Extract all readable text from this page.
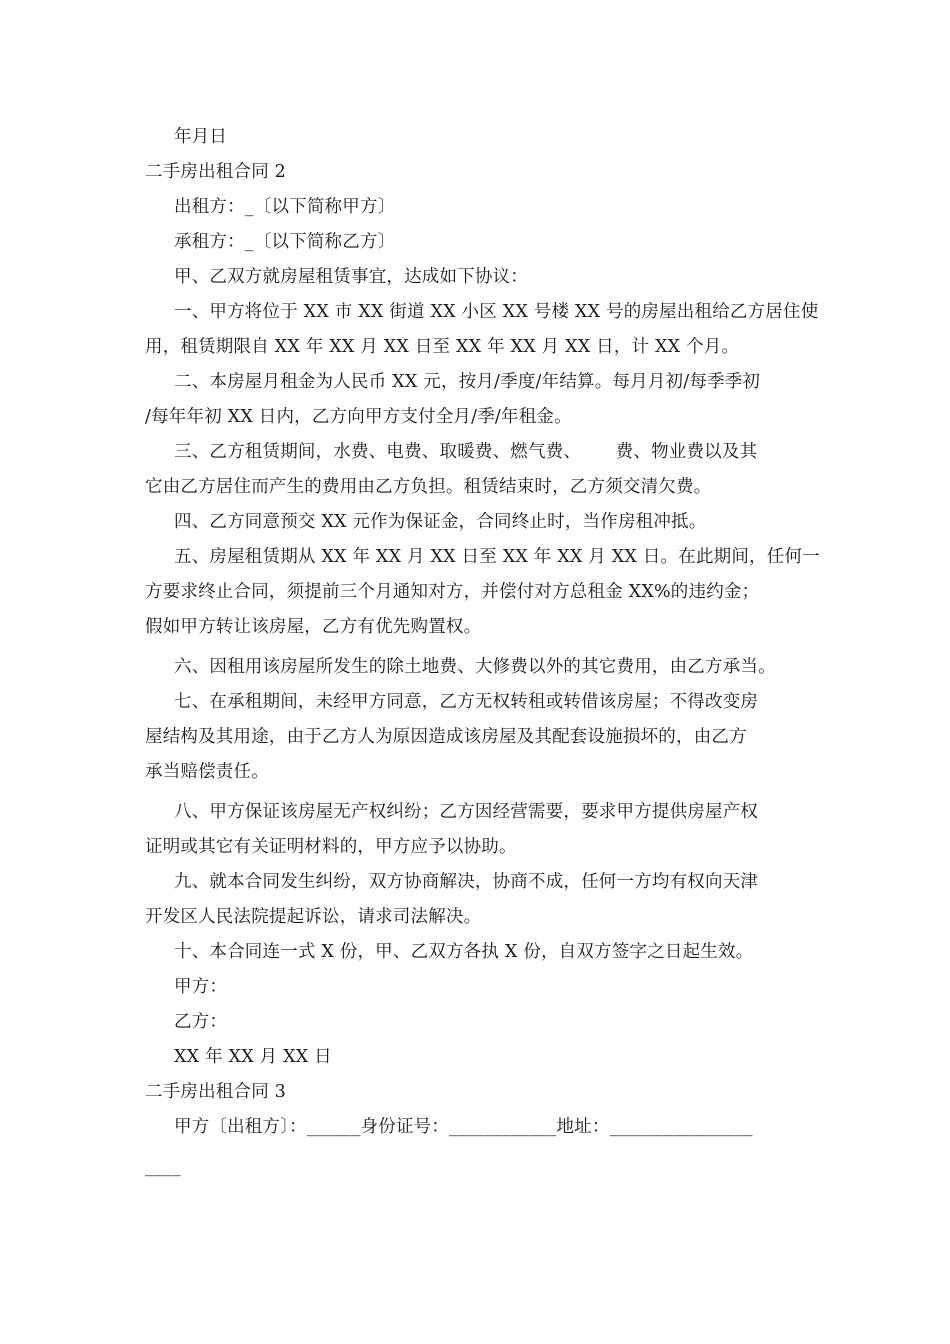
年月日
二手房出租合同 2
出租方：_〔以下简称甲方〕
承租方：_〔以下简称乙方〕
甲、乙双方就房屋租赁事宜，达成如下协议：
一、甲方将位于 XX 市 XX 街道 XX 小区 XX 号楼 XX 号的房屋出租给乙方居住使
用，租赁期限自 XX 年 XX 月 XX 日至 XX 年 XX 月 XX 日，计 XX 个月。
二、本房屋月租金为人民币 XX 元，按月/季度/年结算。每月月初/每季季初
/每年年初 XX 日内，乙方向甲方支付全月/季/年租金。
三、乙方租赁期间，水费、电费、取暖费、燃气费、      费、物业费以及其
它由乙方居住而产生的费用由乙方负担。租赁结束时，乙方须交清欠费。
四、乙方同意预交 XX 元作为保证金，合同终止时，当作房租冲抵。
五、房屋租赁期从 XX 年 XX 月 XX 日至 XX 年 XX 月 XX 日。在此期间，任何一
方要求终止合同，须提前三个月通知对方，并偿付对方总租金 XX%的违约金；
假如甲方转让该房屋，乙方有优先购置权。
六、因租用该房屋所发生的除土地费、大修费以外的其它费用，由乙方承当。
七、在承租期间，未经甲方同意，乙方无权转租或转借该房屋；不得改变房
屋结构及其用途，由于乙方人为原因造成该房屋及其配套设施损坏的，由乙方
承当赔偿责任。
八、甲方保证该房屋无产权纠纷；乙方因经营需要，要求甲方提供房屋产权
证明或其它有关证明材料的，甲方应予以协助。
九、就本合同发生纠纷，双方协商解决，协商不成，任何一方均有权向天津
开发区人民法院提起诉讼，请求司法解决。
十、本合同连一式 X 份，甲、乙双方各执 X 份，自双方签字之日起生效。
甲方：
乙方：
XX 年 XX 月 XX 日
二手房出租合同 3
甲方〔出租方〕：______身份证号：____________地址：________________
____
